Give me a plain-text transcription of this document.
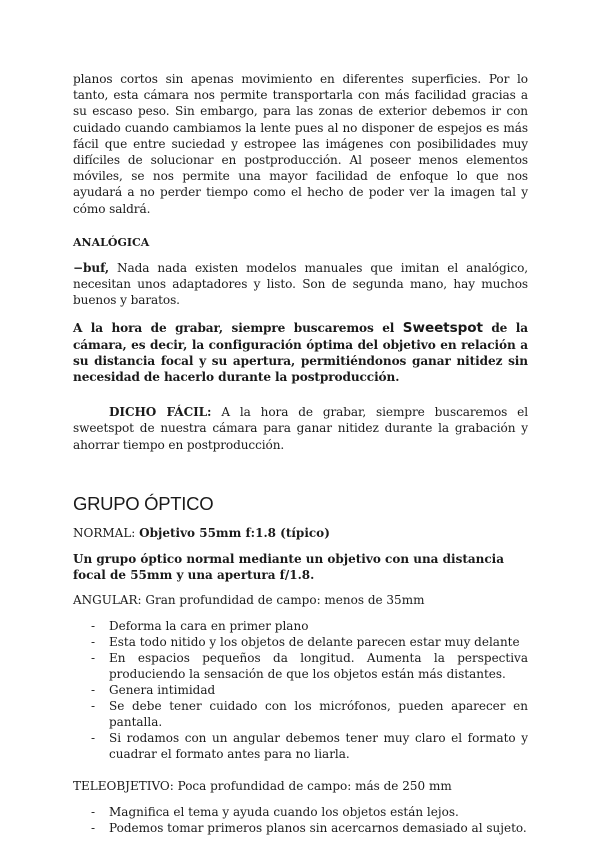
planos cortos sin apenas movimiento en diferentes superficies. Por lo tanto, esta cámara nos permite transportarla con más facilidad gracias a su escaso peso. Sin embargo, para las zonas de exterior debemos ir con cuidado cuando cambiamos la lente pues al no disponer de espejos es más fácil que entre suciedad y estropee las imágenes con posibilidades muy difíciles de solucionar en postproducción. Al poseer menos elementos móviles, se nos permite una mayor facilidad de enfoque lo que nos ayudará a no perder tiempo como el hecho de poder ver la imagen tal y cómo saldrá.

ANALÓGICA

−buf, Nada nada existen modelos manuales que imitan el analógico, necesitan unos adaptadores y listo. Son de segunda mano, hay muchos buenos y baratos.

A la hora de grabar, siempre buscaremos el Sweetspot de la cámara, es decir, la configuración óptima del objetivo en relación a su distancia focal y su apertura, permitiéndonos ganar nitidez sin necesidad de hacerlo durante la postproducción.

DICHO FÁCIL: A la hora de grabar, siempre buscaremos el sweetspot de nuestra cámara para ganar nitidez durante la grabación y ahorrar tiempo en postproducción.

GRUPO ÓPTICO

NORMAL: Objetivo 55mm f:1.8 (típico)

Un grupo óptico normal mediante un objetivo con una distancia focal de 55mm y una apertura f/1.8.

ANGULAR: Gran profundidad de campo: menos de 35mm

- Deforma la cara en primer plano
- Esta todo nitido y los objetos de delante parecen estar muy delante
- En espacios pequeños da longitud. Aumenta la perspectiva produciendo la sensación de que los objetos están más distantes.
- Genera intimidad
- Se debe tener cuidado con los micrófonos, pueden aparecer en pantalla.
- Si rodamos con un angular debemos tener muy claro el formato y cuadrar el formato antes para no liarla.

TELEOBJETIVO: Poca profundidad de campo: más de 250 mm

- Magnifica el tema y ayuda cuando los objetos están lejos.
- Podemos tomar primeros planos sin acercarnos demasiado al sujeto.
